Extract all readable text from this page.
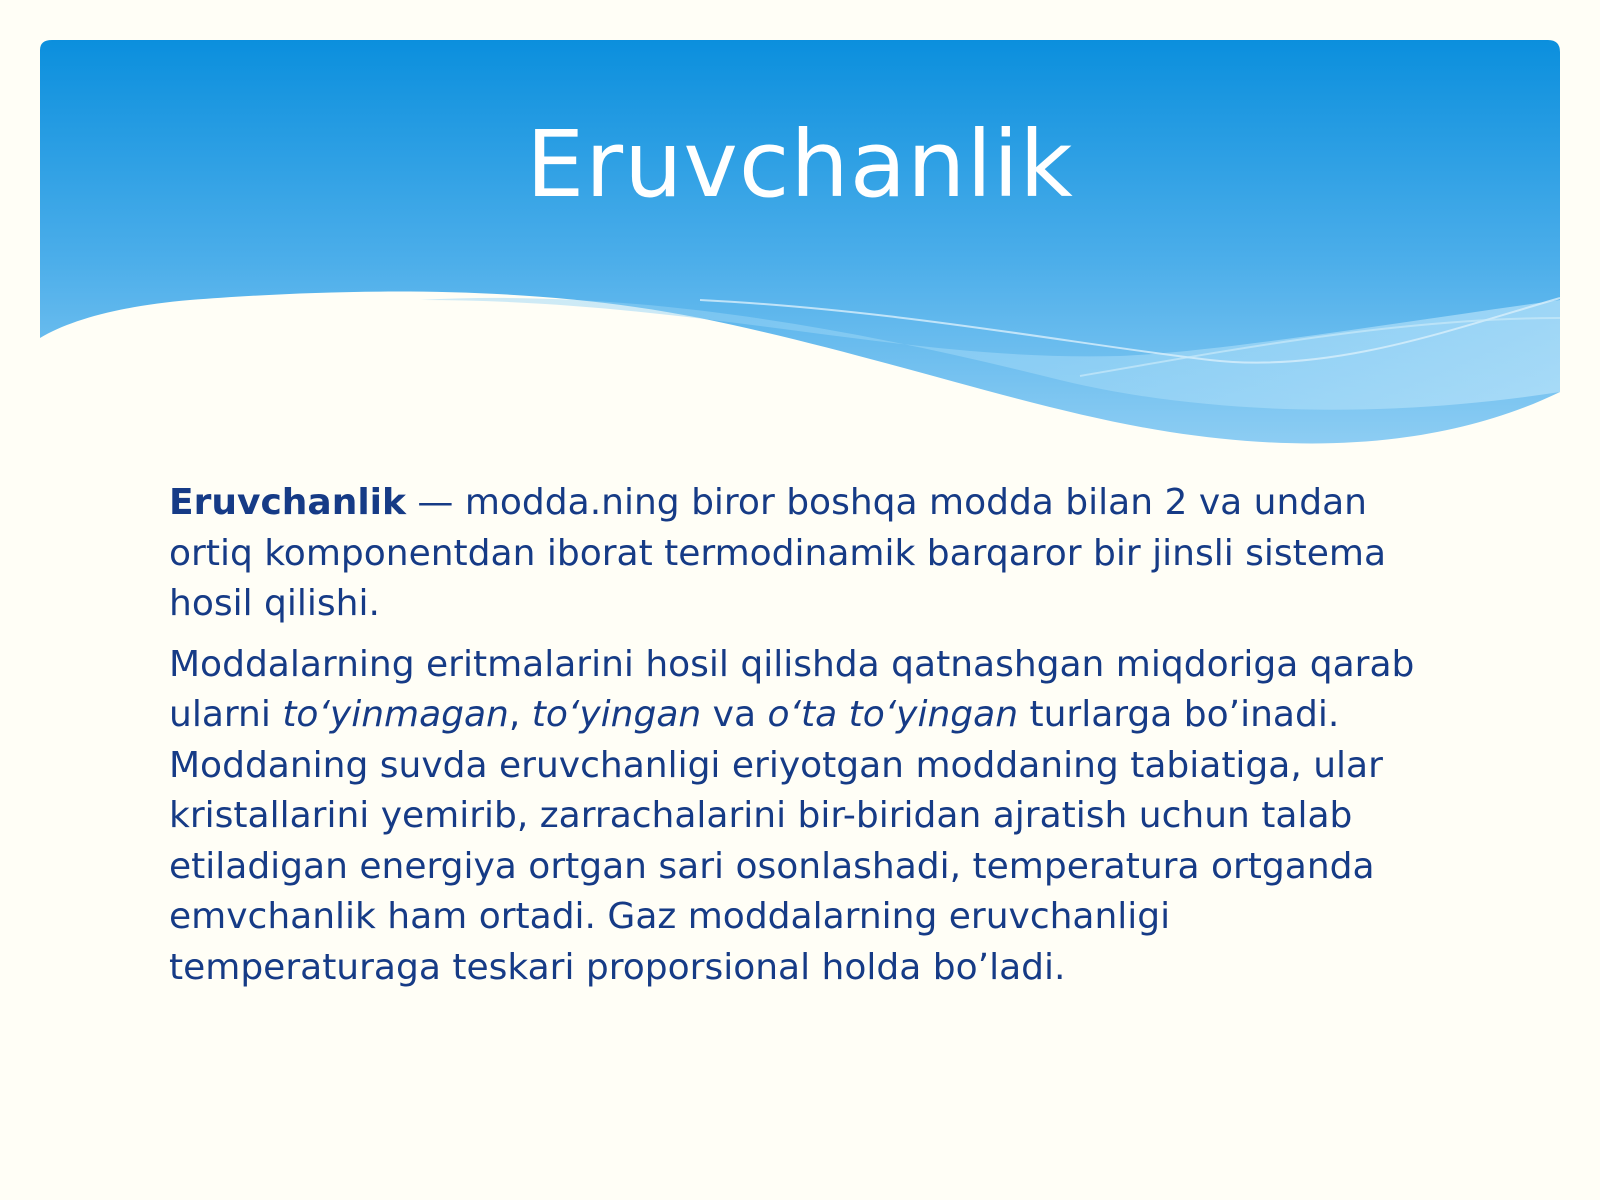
Eruvchanlik

Eruvchanlik — modda.ning biror boshqa modda bilan 2 va undan ortiq komponentdan iborat termodinamik barqaror bir jinsli sistema hosil qilishi.

Moddalarning eritmalarini hosil qilishda qatnashgan miqdoriga qarab ularni to‘yinmagan, to‘yingan va o‘ta to‘yingan turlarga bo’inadi. Moddaning suvda eruvchanligi eriyotgan moddaning tabiatiga, ular kristallarini yemirib, zarrachalarini bir-biridan ajratish uchun talab etiladigan energiya ortgan sari osonlashadi, temperatura ortganda emvchanlik ham ortadi. Gaz moddalarning eruvchanligi temperaturaga teskari proporsional holda bo’ladi.
